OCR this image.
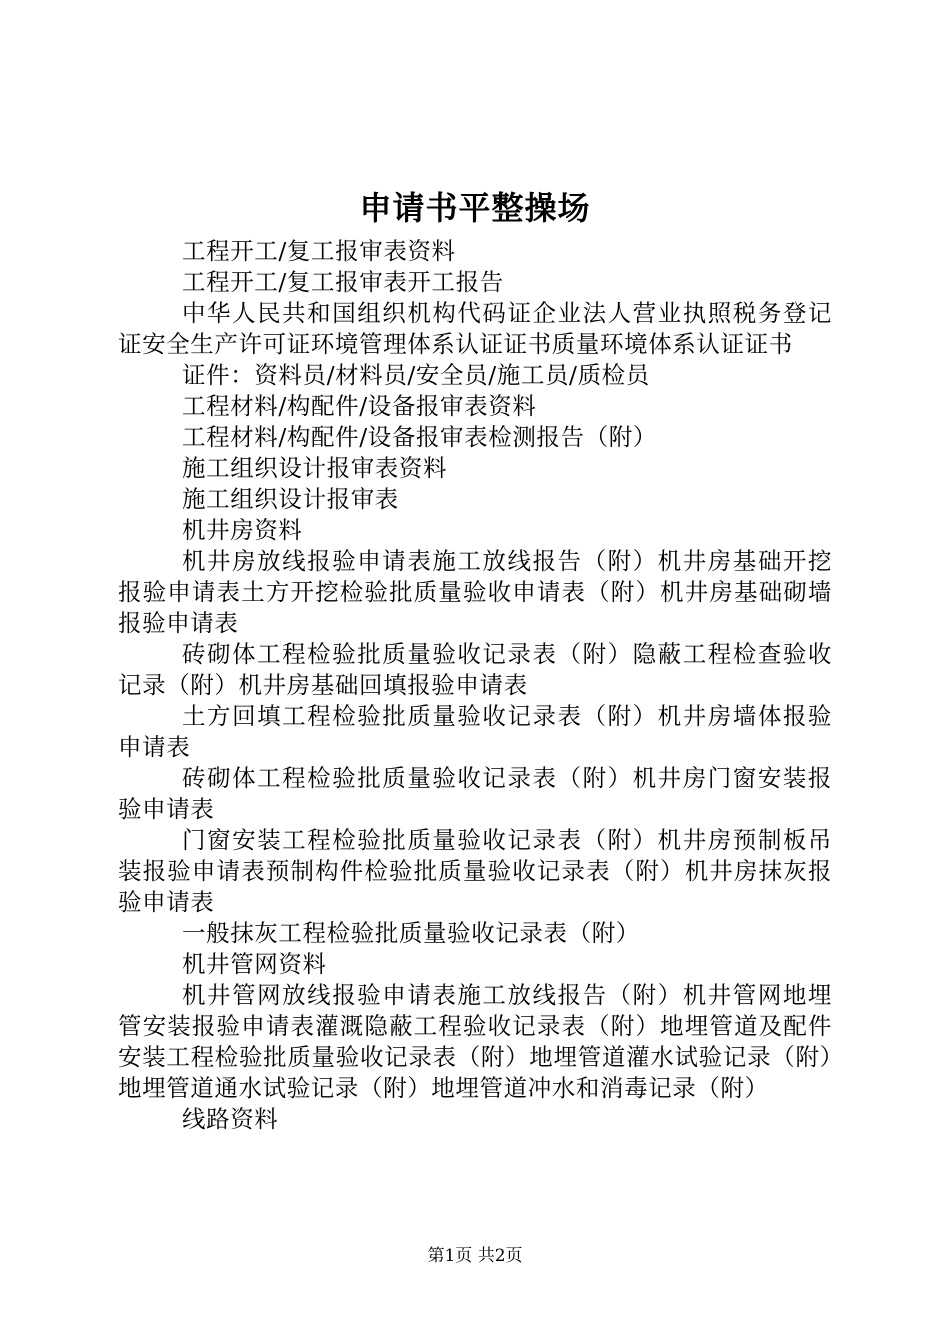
申请书平整操场

工程开工/复工报审表资料

工程开工/复工报审表开工报告

中华人民共和国组织机构代码证企业法人营业执照税务登记证安全生产许可证环境管理体系认证证书质量环境体系认证证书

证件：资料员/材料员/安全员/施工员/质检员

工程材料/构配件/设备报审表资料

工程材料/构配件/设备报审表检测报告（附）

施工组织设计报审表资料

施工组织设计报审表

机井房资料

机井房放线报验申请表施工放线报告（附）机井房基础开挖报验申请表土方开挖检验批质量验收申请表（附）机井房基础砌墙报验申请表

砖砌体工程检验批质量验收记录表（附）隐蔽工程检查验收记录（附）机井房基础回填报验申请表

土方回填工程检验批质量验收记录表（附）机井房墙体报验申请表

砖砌体工程检验批质量验收记录表（附）机井房门窗安装报验申请表

门窗安装工程检验批质量验收记录表（附）机井房预制板吊装报验申请表预制构件检验批质量验收记录表（附）机井房抹灰报验申请表

一般抹灰工程检验批质量验收记录表（附）

机井管网资料

机井管网放线报验申请表施工放线报告（附）机井管网地埋管安装报验申请表灌溉隐蔽工程验收记录表（附）地埋管道及配件安装工程检验批质量验收记录表（附）地埋管道灌水试验记录（附）地埋管道通水试验记录（附）地埋管道冲水和消毒记录（附）

线路资料

第1页 共2页
